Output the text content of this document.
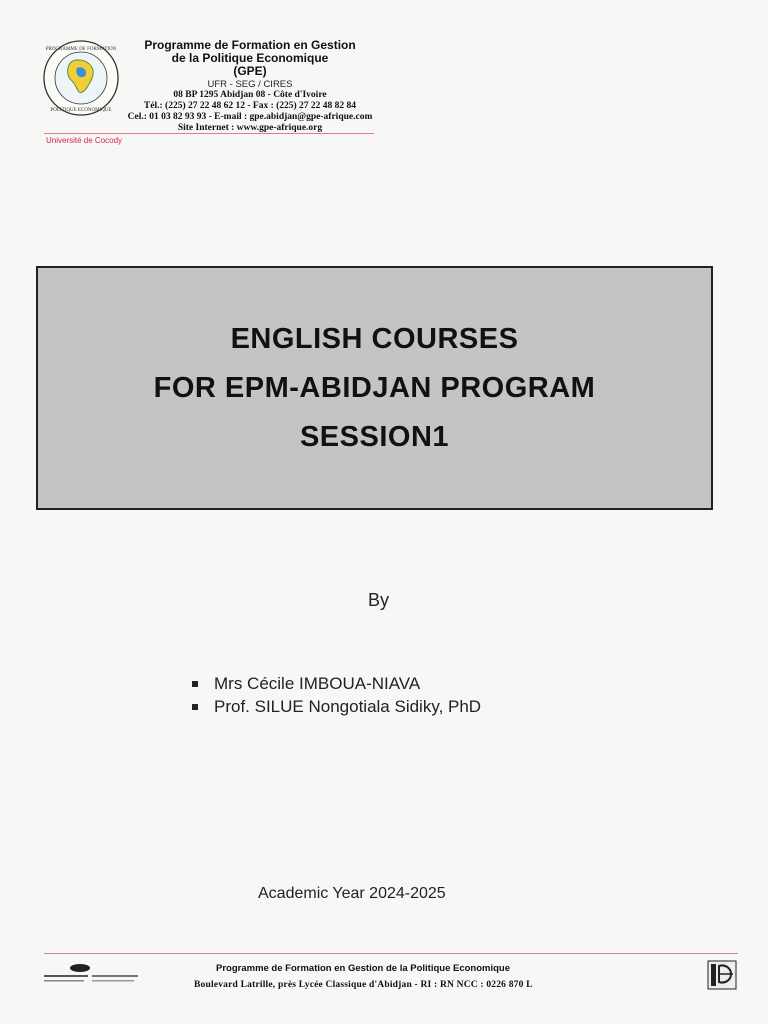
PROGRAMME DE FORMATION
POLITIQUE ECONOMIQUE
Programme de Formation en Gestion
de la Politique Economique
(GPE)
UFR - SEG / CIRES
08 BP 1295 Abidjan 08 - Côte d'Ivoire
Tél.: (225) 27 22 48 62 12 - Fax : (225) 27 22 48 82 84
Cel.: 01 03 82 93 93 - E-mail : gpe.abidjan@gpe-afrique.com
Site Internet : www.gpe-afrique.org
Université de Cocody
ENGLISH COURSES
FOR EPM-ABIDJAN PROGRAM
SESSION1
By
Mrs Cécile IMBOUA-NIAVA
Prof. SILUE Nongotiala Sidiky, PhD
Academic Year 2024-2025
Programme de Formation en Gestion de la Politique Economique
Boulevard Latrille, près Lycée Classique d'Abidjan - RI : RN NCC : 0226 870 L
